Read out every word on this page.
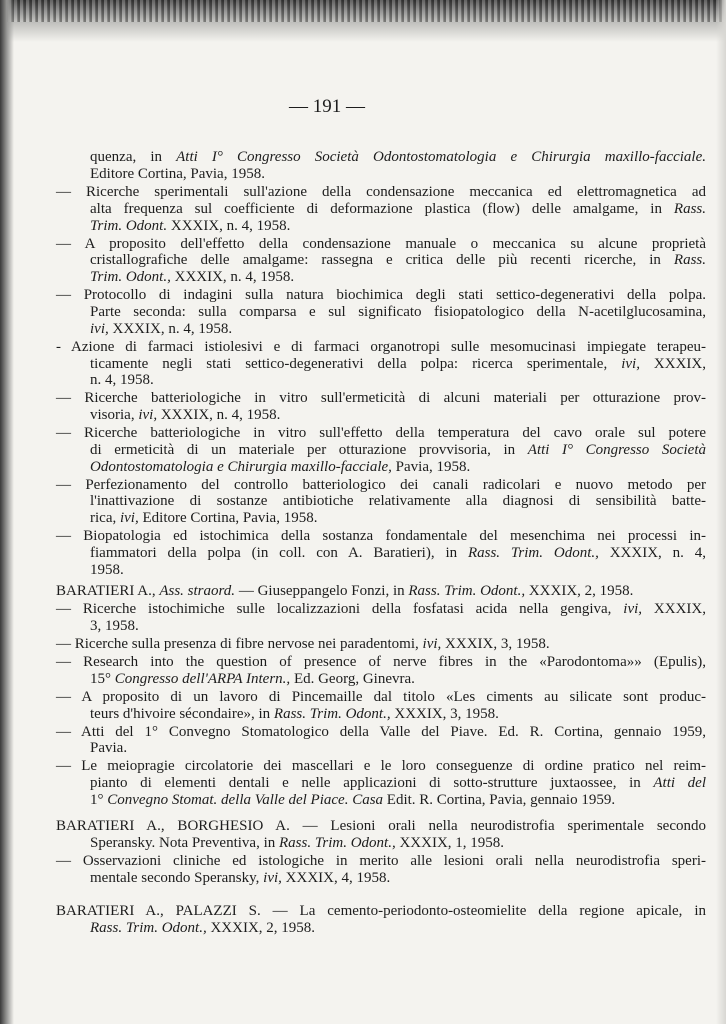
— 191 —
quenza, in Atti I° Congresso Società Odontostomatologia e Chirurgia maxillo-facciale.
Editore Cortina, Pavia, 1958.
— Ricerche sperimentali sull'azione della condensazione meccanica ed elettromagnetica ad
alta frequenza sul coefficiente di deformazione plastica (flow) delle amalgame, in Rass.
Trim. Odont. XXXIX, n. 4, 1958.
— A proposito dell'effetto della condensazione manuale o meccanica su alcune proprietà
cristallografiche delle amalgame: rassegna e critica delle più recenti ricerche, in Rass.
Trim. Odont., XXXIX, n. 4, 1958.
— Protocollo di indagini sulla natura biochimica degli stati settico-degenerativi della polpa.
Parte seconda: sulla comparsa e sul significato fisiopatologico della N-acetilglucosamina,
ivi, XXXIX, n. 4, 1958.
- Azione di farmaci istiolesivi e di farmaci organotropi sulle mesomucinasi impiegate terapeu-
ticamente negli stati settico-degenerativi della polpa: ricerca sperimentale, ivi, XXXIX,
n. 4, 1958.
— Ricerche batteriologiche in vitro sull'ermeticità di alcuni materiali per otturazione prov-
visoria, ivi, XXXIX, n. 4, 1958.
— Ricerche batteriologiche in vitro sull'effetto della temperatura del cavo orale sul potere
di ermeticità di un materiale per otturazione provvisoria, in Atti I° Congresso Società
Odontostomatologia e Chirurgia maxillo-facciale, Pavia, 1958.
— Perfezionamento del controllo batteriologico dei canali radicolari e nuovo metodo per
l'inattivazione di sostanze antibiotiche relativamente alla diagnosi di sensibilità batte-
rica, ivi, Editore Cortina, Pavia, 1958.
— Biopatologia ed istochimica della sostanza fondamentale del mesenchima nei processi in-
fiammatori della polpa (in coll. con A. Baratieri), in Rass. Trim. Odont., XXXIX, n. 4,
1958.
BARATIERI A., Ass. straord. — Giuseppangelo Fonzi, in Rass. Trim. Odont., XXXIX, 2, 1958.
— Ricerche istochimiche sulle localizzazioni della fosfatasi acida nella gengiva, ivi, XXXIX,
3, 1958.
— Ricerche sulla presenza di fibre nervose nei paradentomi, ivi, XXXIX, 3, 1958.
— Research into the question of presence of nerve fibres in the «Parodontoma»» (Epulis),
15° Congresso dell'ARPA Intern., Ed. Georg, Ginevra.
— A proposito di un lavoro di Pincemaille dal titolo «Les ciments au silicate sont produc-
teurs d'hivoire sécondaire», in Rass. Trim. Odont., XXXIX, 3, 1958.
— Atti del 1° Convegno Stomatologico della Valle del Piave. Ed. R. Cortina, gennaio 1959,
Pavia.
— Le meiopragie circolatorie dei mascellari e le loro conseguenze di ordine pratico nel reim-
pianto di elementi dentali e nelle applicazioni di sotto-strutture juxtaossee, in Atti del
1° Convegno Stomat. della Valle del Piace. Casa Edit. R. Cortina, Pavia, gennaio 1959.
BARATIERI A., BORGHESIO A. — Lesioni orali nella neurodistrofia sperimentale secondo
Speransky. Nota Preventiva, in Rass. Trim. Odont., XXXIX, 1, 1958.
— Osservazioni cliniche ed istologiche in merito alle lesioni orali nella neurodistrofia speri-
mentale secondo Speransky, ivi, XXXIX, 4, 1958.
BARATIERI A., PALAZZI S. — La cemento-periodonto-osteomielite della regione apicale, in
Rass. Trim. Odont., XXXIX, 2, 1958.
